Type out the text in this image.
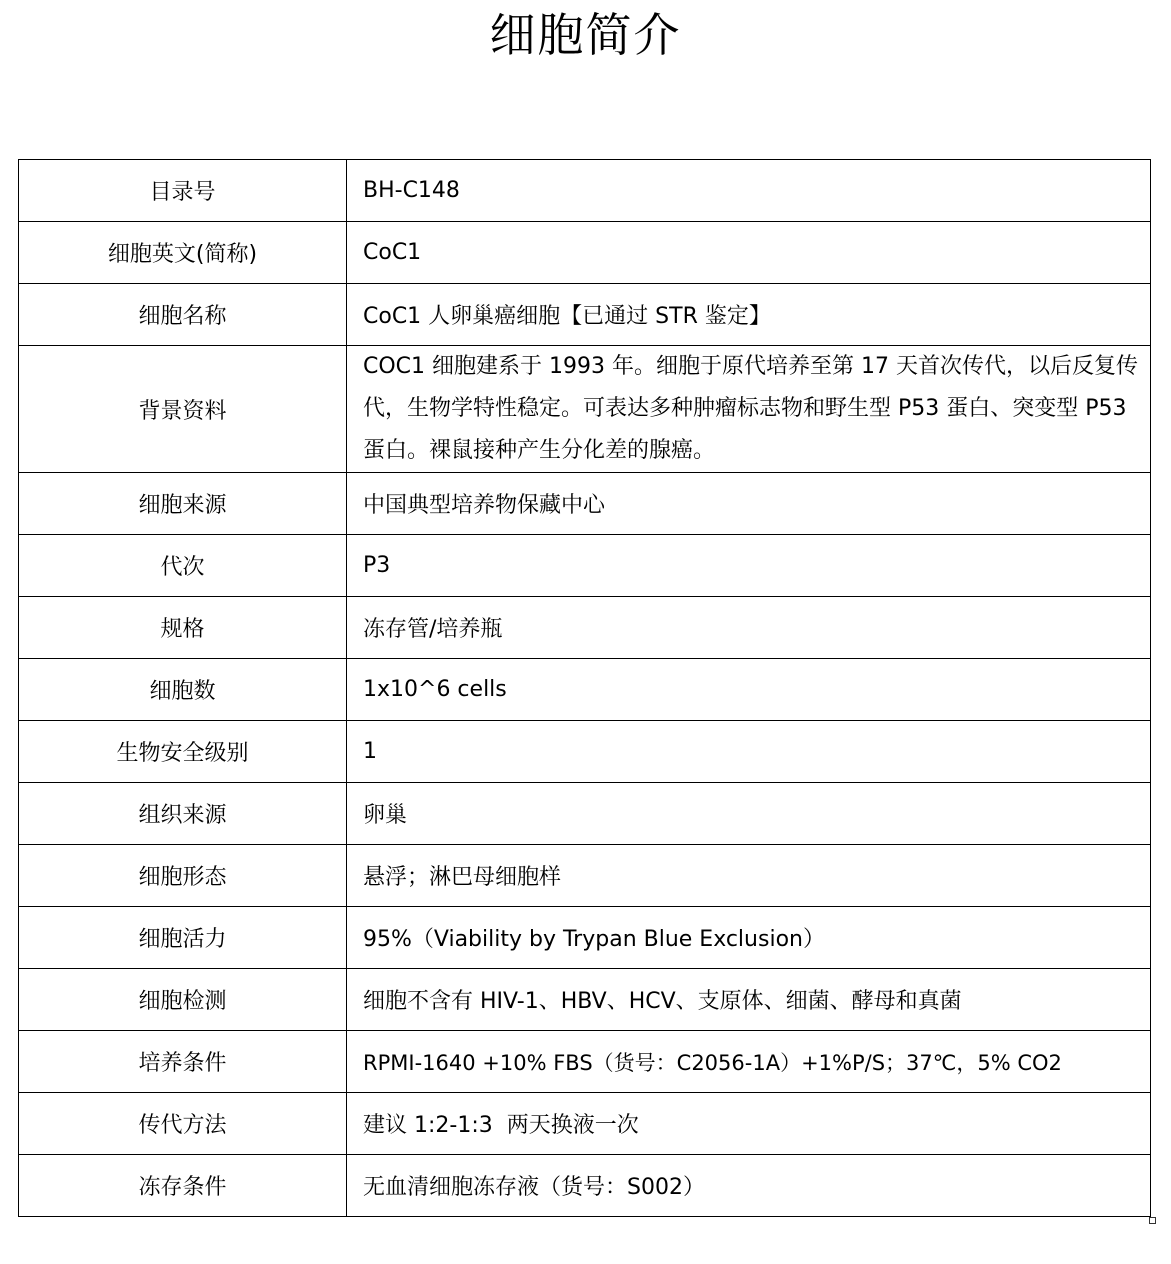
细胞简介
目录号	BH-C148
细胞英文(简称)	CoC1
细胞名称	CoC1 人卵巢癌细胞【已通过 STR 鉴定】
背景资料	COC1 细胞建系于 1993 年。细胞于原代培养至第 17 天首次传代，以后反复传代，生物学特性稳定。可表达多种肿瘤标志物和野生型 P53 蛋白、突变型 P53 蛋白。裸鼠接种产生分化差的腺癌。
细胞来源	中国典型培养物保藏中心
代次	P3
规格	冻存管/培养瓶
细胞数	1x10^6 cells
生物安全级别	1
组织来源	卵巢
细胞形态	悬浮；淋巴母细胞样
细胞活力	95%（Viability by Trypan Blue Exclusion）
细胞检测	细胞不含有 HIV-1、HBV、HCV、支原体、细菌、酵母和真菌
培养条件	RPMI-1640 +10% FBS（货号：C2056-1A）+1%P/S；37℃，5% CO2
传代方法	建议 1:2-1:3  两天换液一次
冻存条件	无血清细胞冻存液（货号：S002）
